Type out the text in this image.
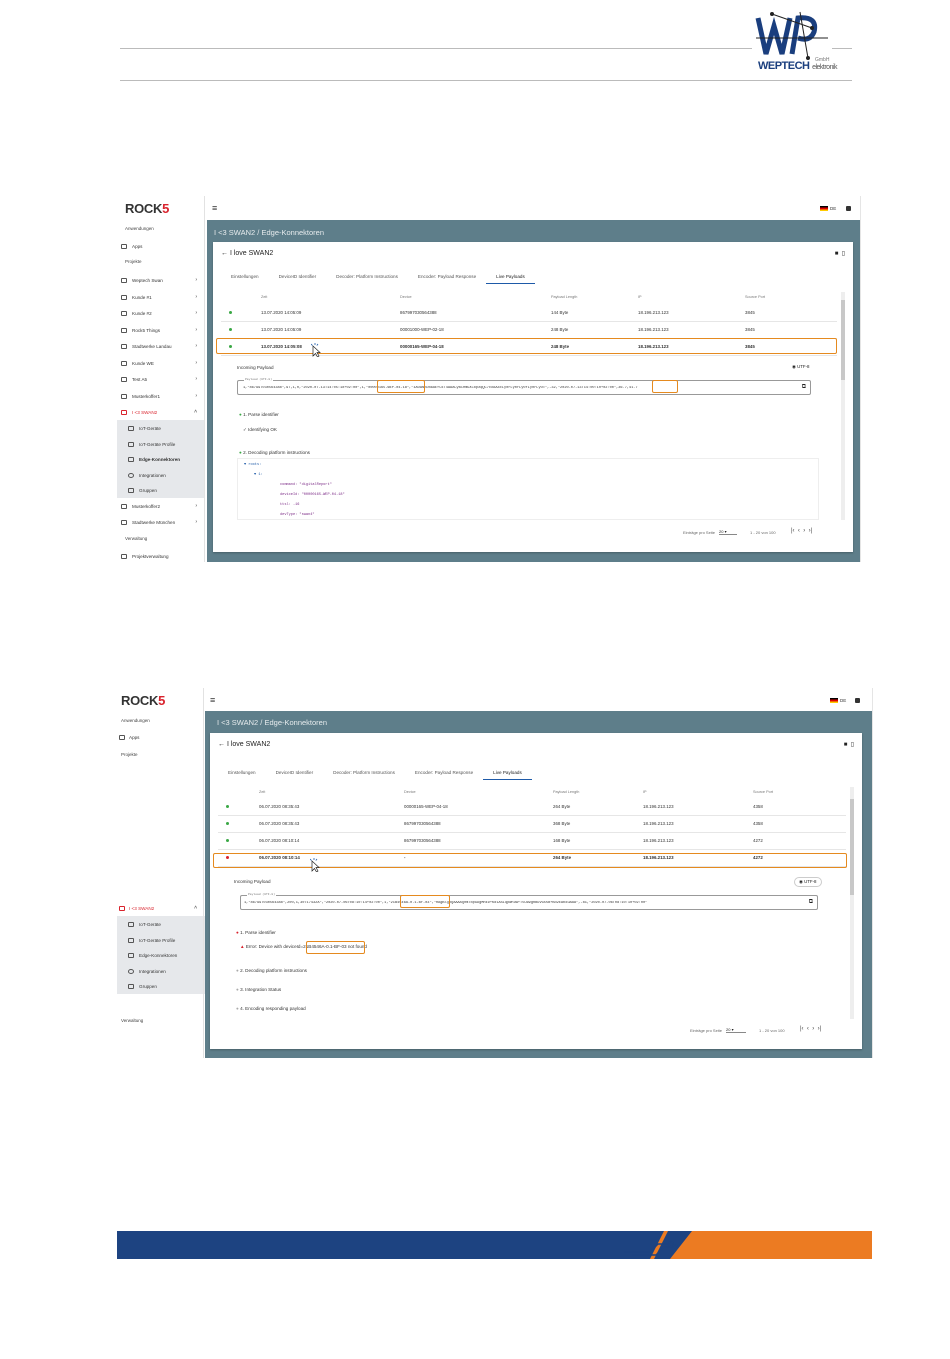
WEPTECH elektronik
GmbH
ROCK5
Anwendungen
Apps
Projekte
Weptech Swan	›
Kunde #1	›
Kunde #2	›
Rock5 Things	›
Stadtwerke Landau	›
Kunde WE	›
Test A5	›
Musterkoffer1	›
I <3 SWAN2	˄
IoT-Geräte
IoT-Geräte Profile
Edge-Konnektoren
Integrationen
Gruppen
Musterkoffer2	›
Stadtwerke München	›
Verwaltung
Projektverwaltung
≡	DE
I <3 SWAN2 / Edge-Konnektoren
← I love SWAN2	■ ▯
Einstellungen	DeviceID Identifier	Decoder: Platform Instructions	Encoder: Payload Response	Live Payloads
Zeit	Device	Payload Length	IP	Source Port
13.07.2020 14:05:09	867997030564388	144 Byte	18.196.213.123	3845
13.07.2020 14:05:09	00001000-WEP-02-18	248 Byte	18.196.213.123	3845
13.07.2020 14:05:08	00000165-WEP-04-18	248 Byte	18.196.213.123	3845
Incoming Payload	◉ UTF-8
Payload (UTF-8)
1,"867997030564388",97,1,0,"2020-07-13T14:05:18+02:00",1,"00000165-WEP-04-18","iAOANZDB6AEfCkT4AAACyBCHmGXCopXqQC7cXAA4cLy0rLy0rLy0rLy0rLyU=",-32,"2020-07-13T14:00:10+02:00",36.7,41.7	⧉
● 1. Parse identifier
✓ Identifying OK
● 2. Decoding platform instructions
▼ roots:
▼ 1:
command: "digitalReport"
deviceId: "00000165-WEP-04-18"
ttsl: -16
devType: "swan4"
Einträge pro Seite 20 ▾	1 - 20 von 100	|‹ ‹ › ›|
ROCK5
Anwendungen
Apps
Projekte
I <3 SWAN2	˄
IoT-Geräte
IoT-Geräte Profile
Edge-Konnektoren
Integrationen
Gruppen
Verwaltung
≡	DE
I <3 SWAN2 / Edge-Konnektoren
← I love SWAN2	■ ▯
Einstellungen	DeviceID Identifier	Decoder: Platform Instructions	Encoder: Payload Response	Live Payloads
Zeit	Device	Payload Length	IP	Source Port
06.07.2020 08:35:43	00000165-WEP-04-18	264 Byte	18.196.213.123	4358
06.07.2020 08:35:43	867997030564388	368 Byte	18.196.213.123	4358
06.07.2020 08:10:14	867997030564388	168 Byte	18.196.213.123	4272
06.07.2020 08:10:14	-	264 Byte	18.196.213.123	4272
Incoming Payload	◉ UTF-8
Payload (UTF-8)
1,"867997030564388",200,1,30717432A","2020-07-06T08:10:14+02:00",1,"21B4546A-0.1-BF-03","HAgBlQRQAAAAQ0mTbpG9gMnkD+Kd1ASIqpWhuw+T5CW9gRBuvG5sB+Bd2EAKkuAAA",-81,"2020-07-06T08:10:10+02:00"	⧉
● 1. Parse identifier
▲ Error: Device with deviceId=21B4546A-0.1-BF-03 not found
● 2. Decoding platform instructions
● 3. Integration Status
● 4. Encoding responding payload
Einträge pro Seite 20 ▾	1 - 20 von 100	|‹ ‹ › ›|
